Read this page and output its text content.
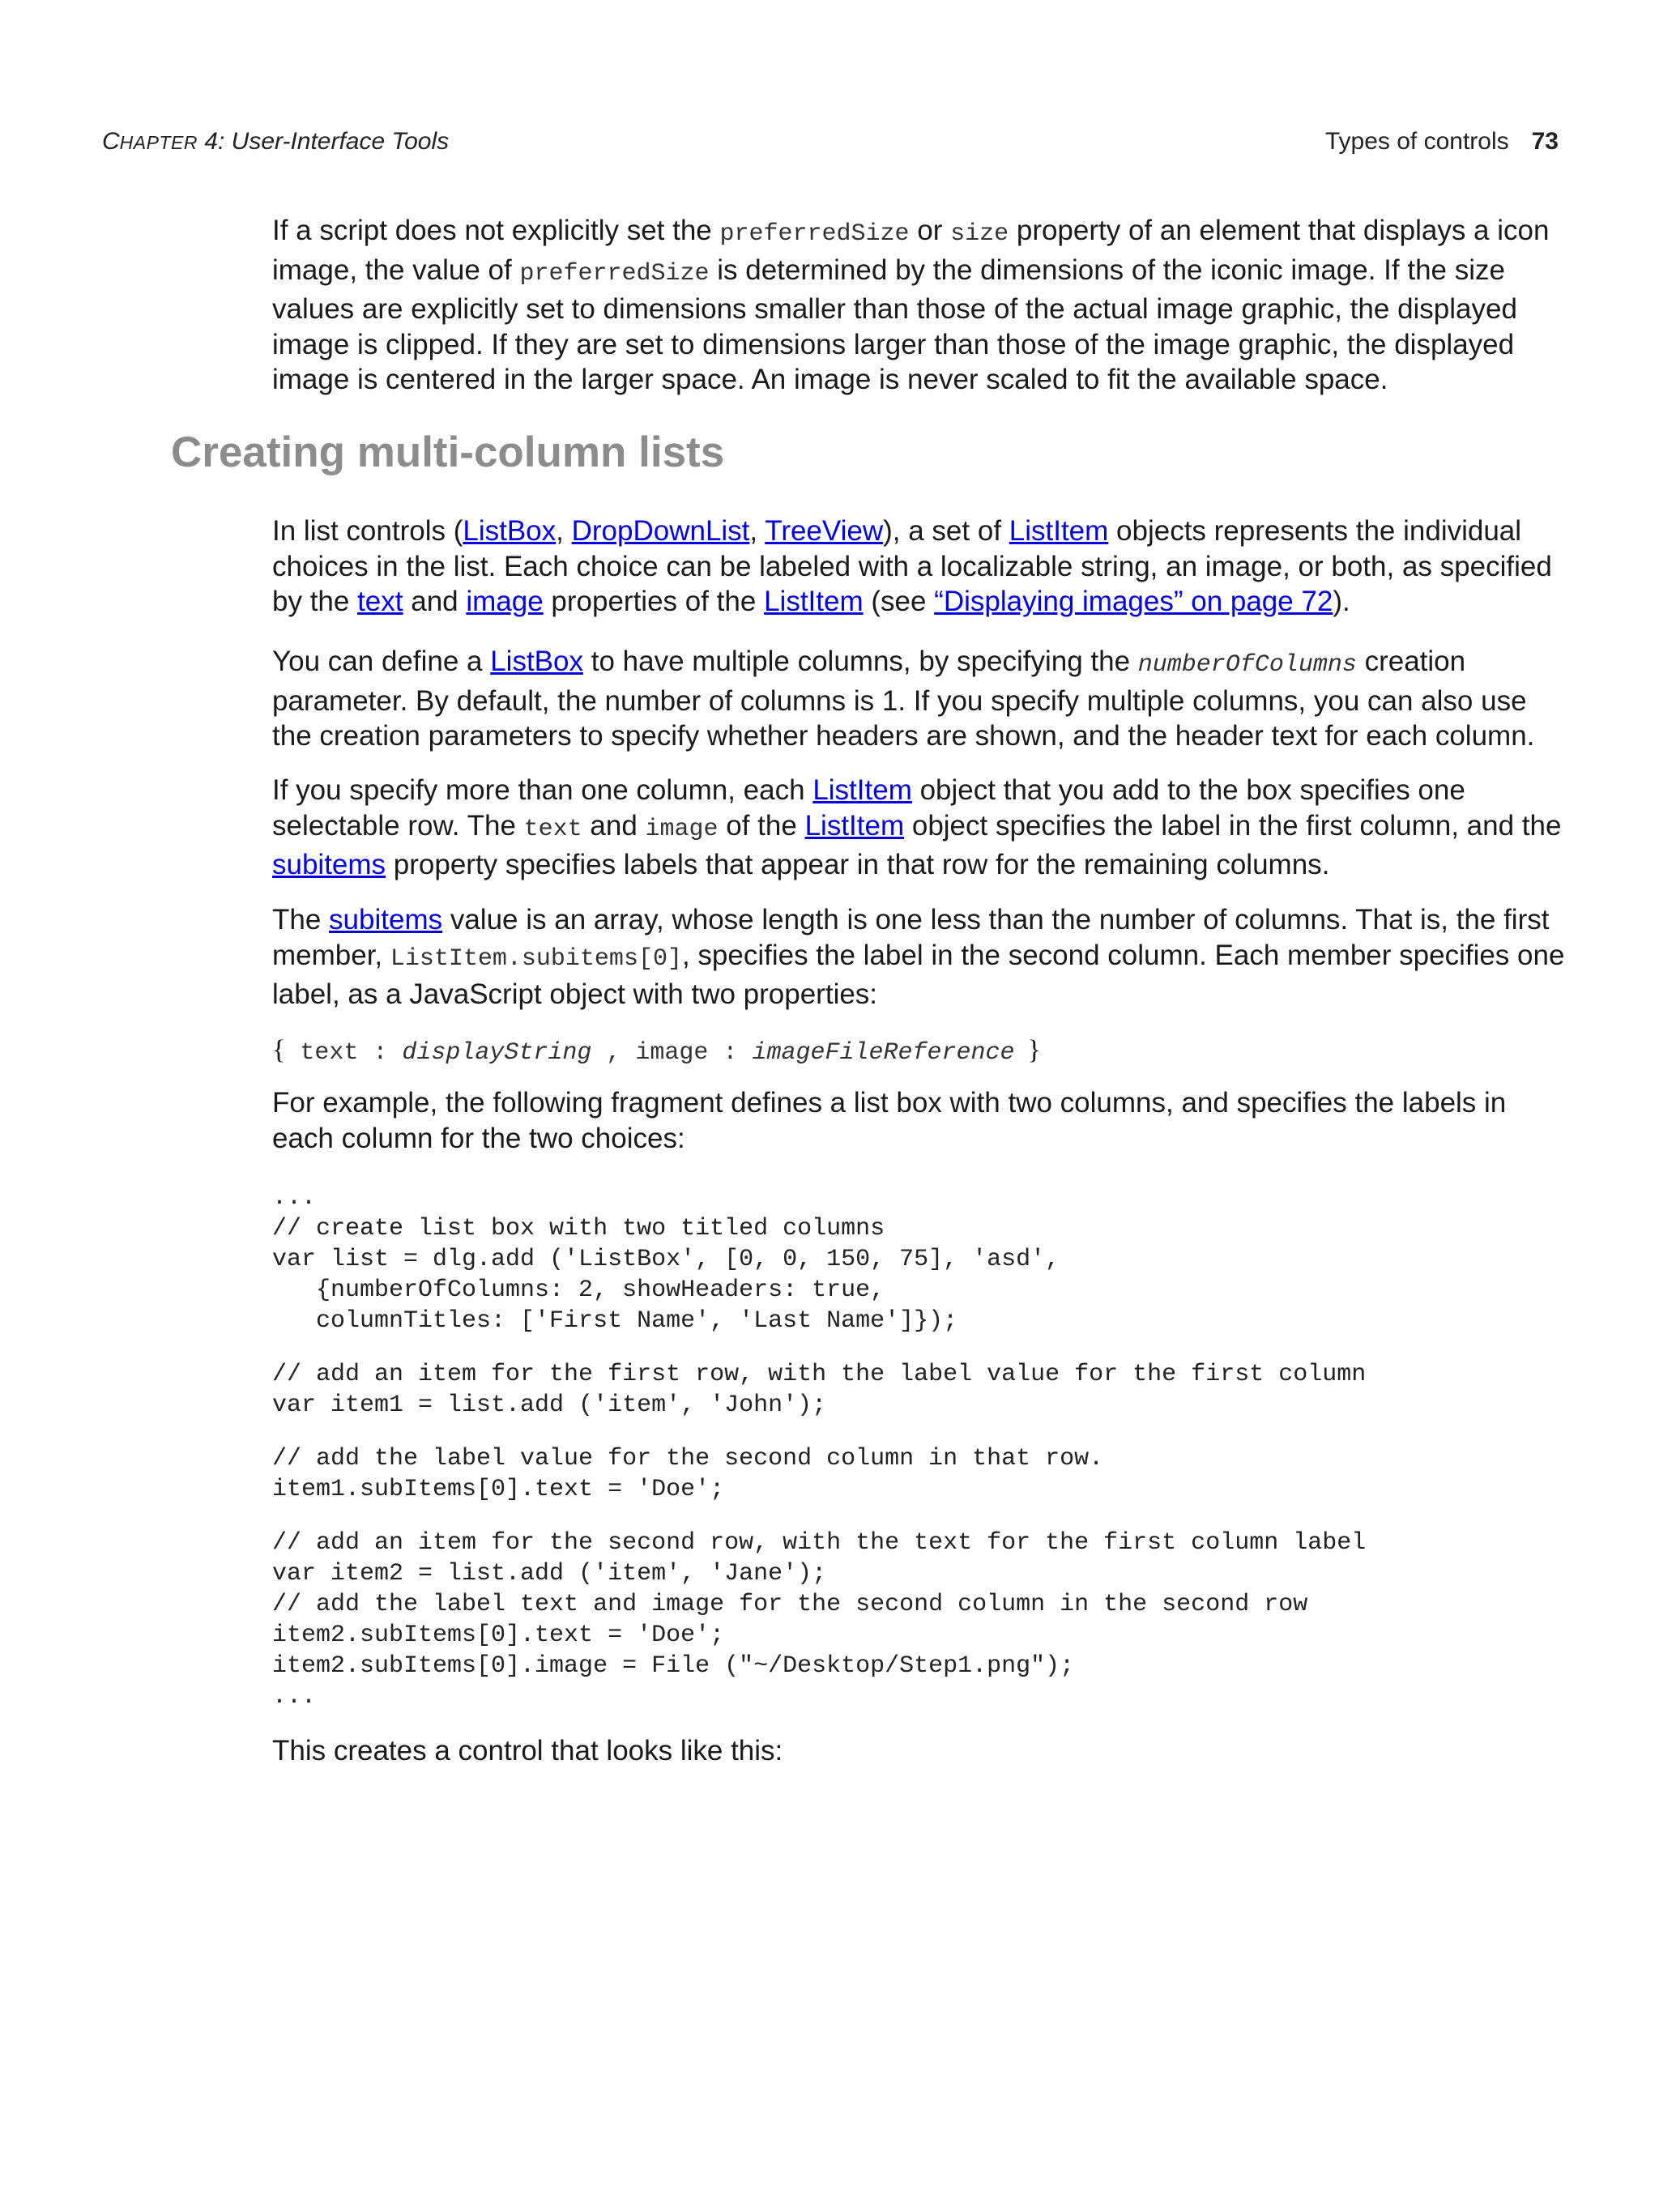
CHAPTER 4: User-Interface Tools	Types of controls 73

If a script does not explicitly set the preferredSize or size property of an element that displays a icon image, the value of preferredSize is determined by the dimensions of the iconic image. If the size values are explicitly set to dimensions smaller than those of the actual image graphic, the displayed image is clipped. If they are set to dimensions larger than those of the image graphic, the displayed image is centered in the larger space. An image is never scaled to fit the available space.

Creating multi-column lists

In list controls (ListBox, DropDownList, TreeView), a set of ListItem objects represents the individual choices in the list. Each choice can be labeled with a localizable string, an image, or both, as specified by the text and image properties of the ListItem (see “Displaying images” on page 72).

You can define a ListBox to have multiple columns, by specifying the numberOfColumns creation parameter. By default, the number of columns is 1. If you specify multiple columns, you can also use the creation parameters to specify whether headers are shown, and the header text for each column.

If you specify more than one column, each ListItem object that you add to the box specifies one selectable row. The text and image of the ListItem object specifies the label in the first column, and the subitems property specifies labels that appear in that row for the remaining columns.

The subitems value is an array, whose length is one less than the number of columns. That is, the first member, ListItem.subitems[0], specifies the label in the second column. Each member specifies one label, as a JavaScript object with two properties:

{ text : displayString , image : imageFileReference }

For example, the following fragment defines a list box with two columns, and specifies the labels in each column for the two choices:

...
// create list box with two titled columns
var list = dlg.add ('ListBox', [0, 0, 150, 75], 'asd',
{numberOfColumns: 2, showHeaders: true,
columnTitles: ['First Name', 'Last Name']});
// add an item for the first row, with the label value for the first column
var item1 = list.add ('item', 'John');
// add the label value for the second column in that row.
item1.subItems[0].text = 'Doe';
// add an item for the second row, with the text for the first column label
var item2 = list.add ('item', 'Jane');
// add the label text and image for the second column in the second row
item2.subItems[0].text = 'Doe';
item2.subItems[0].image = File ("~/Desktop/Step1.png");
...

This creates a control that looks like this:
